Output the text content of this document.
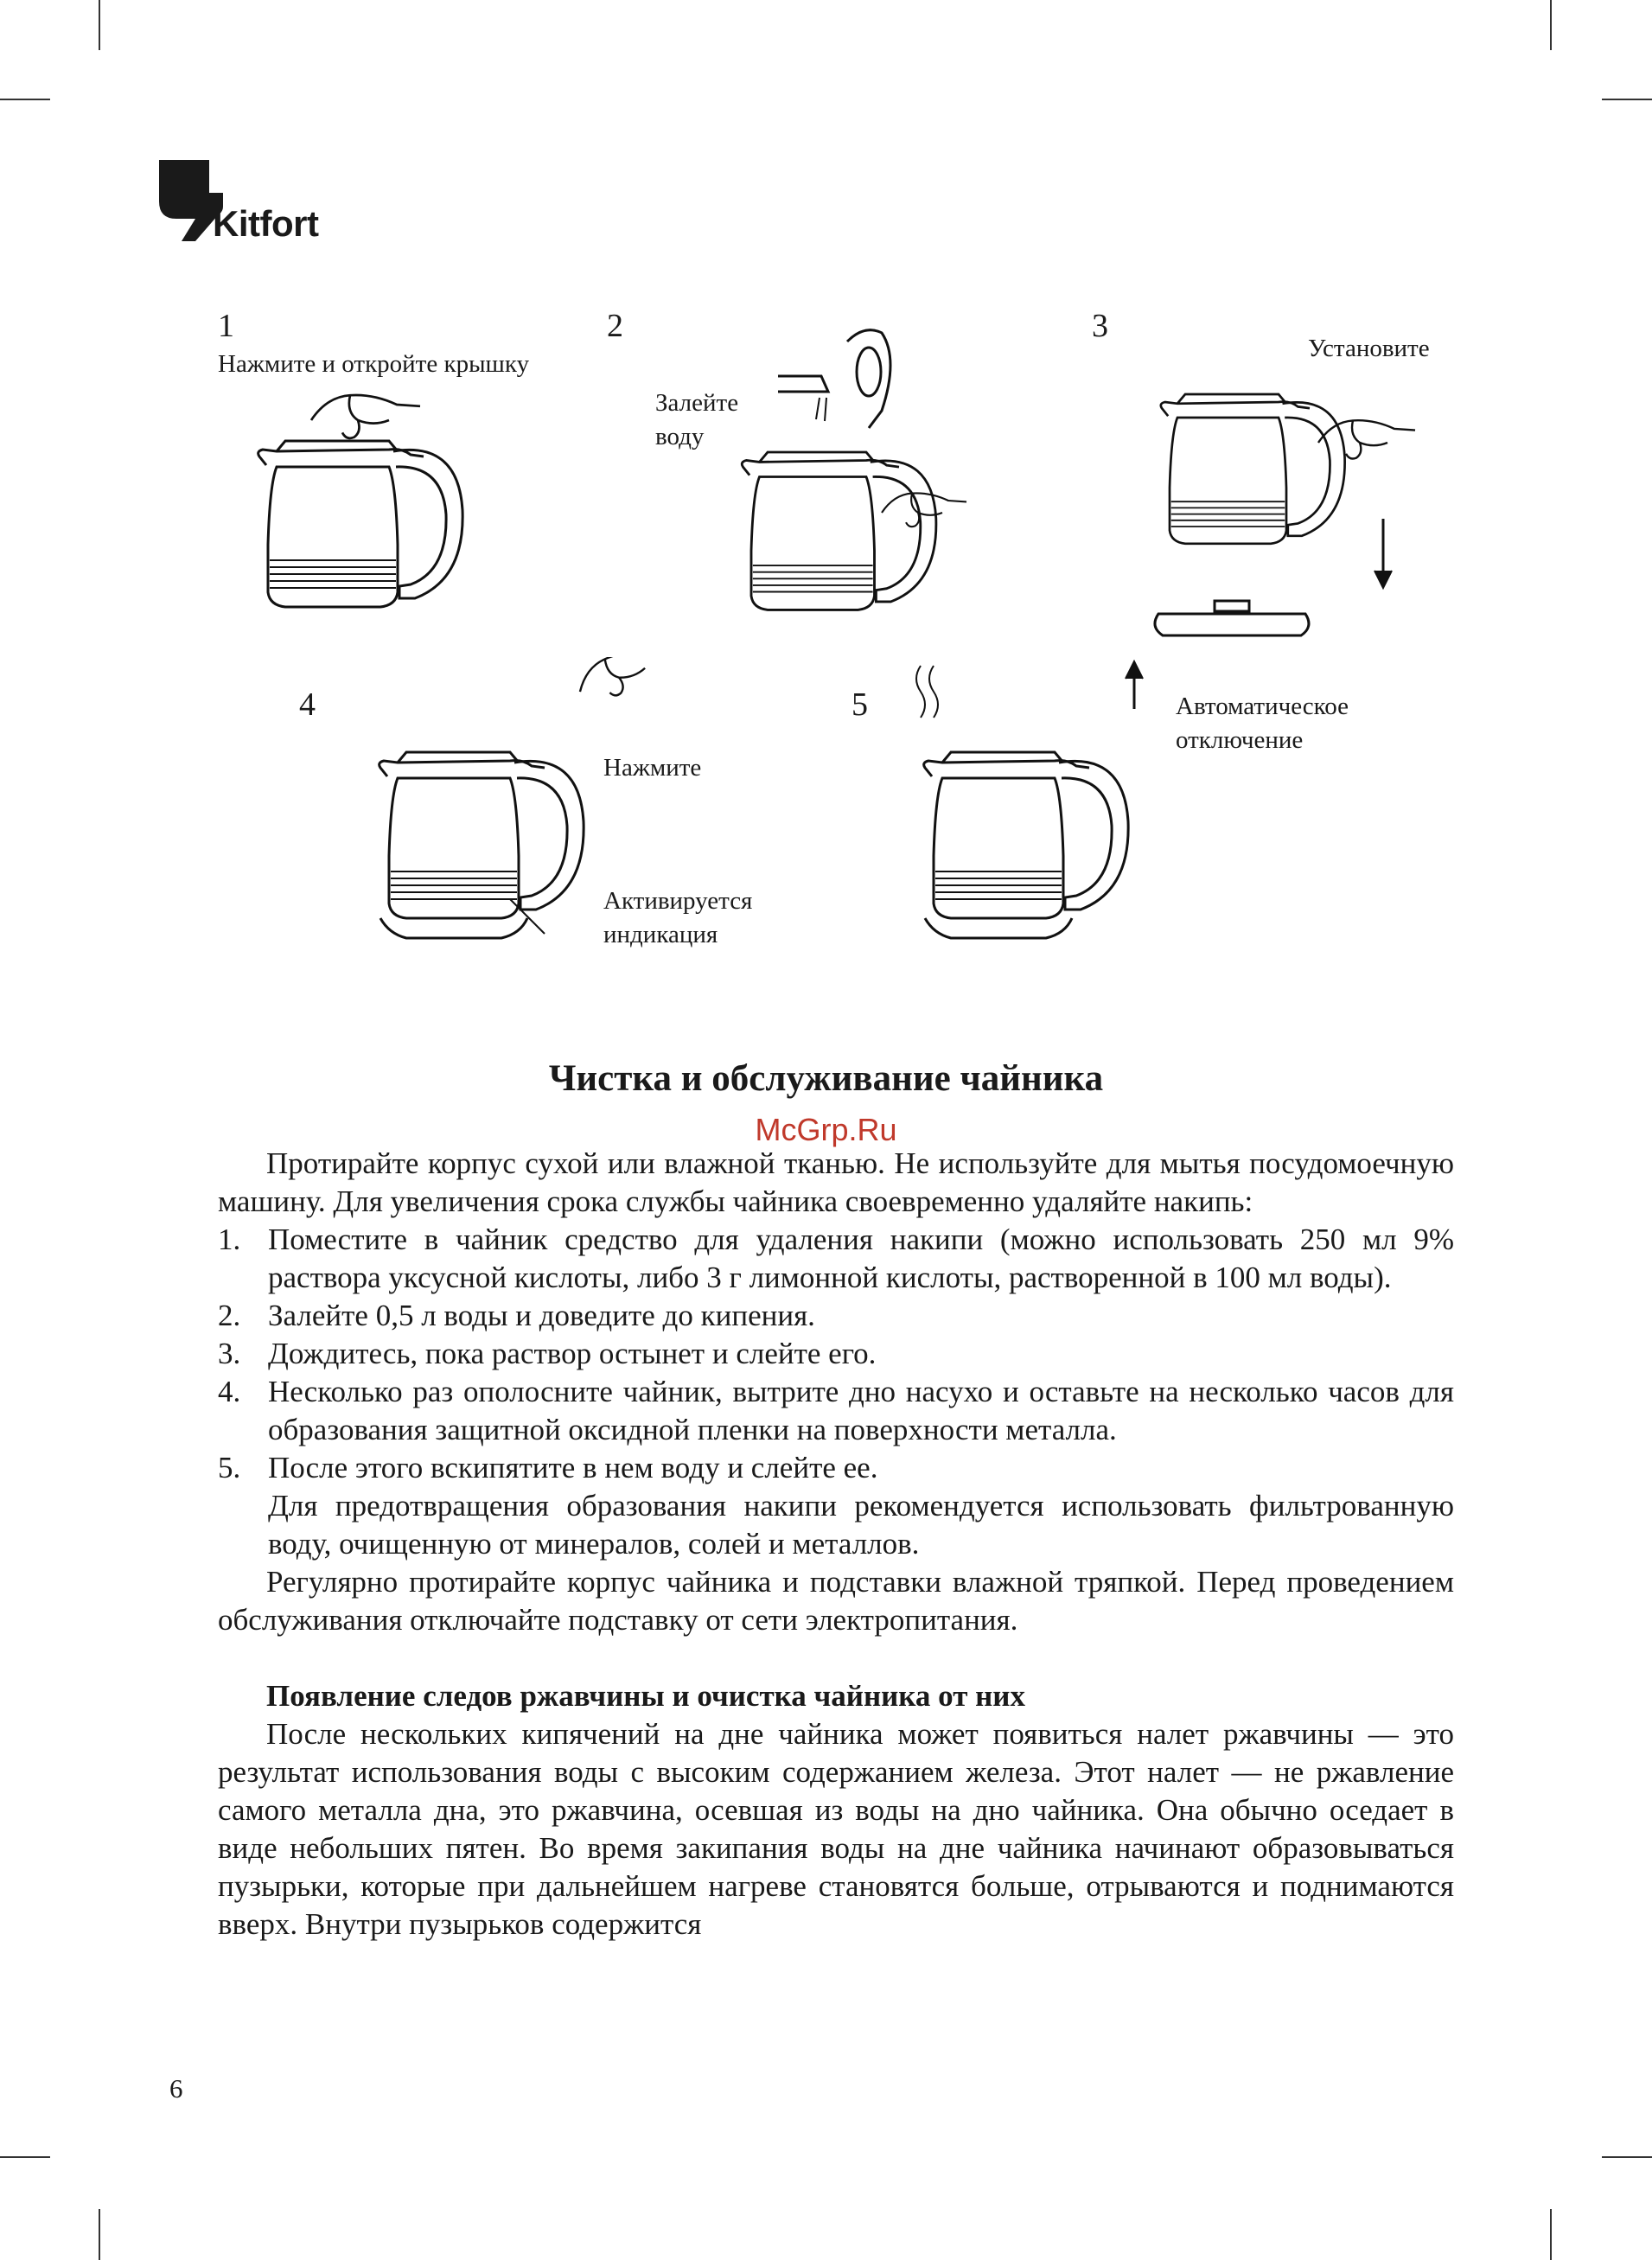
Kitfort
1
Нажмите и откройте крышку
2
Залейте
воду
3
Установите
4
Нажмите
Активируется
индикация
5	Автоматическое
отключение
Чистка и обслуживание чайника
McGrp.Ru

Протирайте корпус сухой или влажной тканью. Не используйте для мытья посудомоечную машину. Для увеличения срока службы чайника своевременно удаляйте накипь:

1. Поместите в чайник средство для удаления накипи (можно использовать 250 мл 9% раствора уксусной кислоты, либо 3 г лимонной кислоты, растворенной в 100 мл воды).
2. Залейте 0,5 л воды и доведите до кипения.
3. Дождитесь, пока раствор остынет и слейте его.
4. Несколько раз ополосните чайник, вытрите дно насухо и оставьте на несколько часов для образования защитной оксидной пленки на поверхности металла.
5. После этого вскипятите в нем воду и слейте ее.

Для предотвращения образования накипи рекомендуется использовать фильтрованную воду, очищенную от минералов, солей и металлов.

Регулярно протирайте корпус чайника и подставки влажной тряпкой. Перед проведением обслуживания отключайте подставку от сети электропитания.

Появление следов ржавчины и очистка чайника от них

После нескольких кипячений на дне чайника может появиться налет ржавчины — это результат использования воды с высоким содержанием железа. Этот налет — не ржавление самого металла дна, это ржавчина, осевшая из воды на дно чайника. Она обычно оседает в виде небольших пятен. Во время закипания воды на дне чайника начинают образовываться пузырьки, которые при дальнейшем нагреве становятся больше, отрываются и поднимаются вверх. Внутри пузырьков содержится

6
